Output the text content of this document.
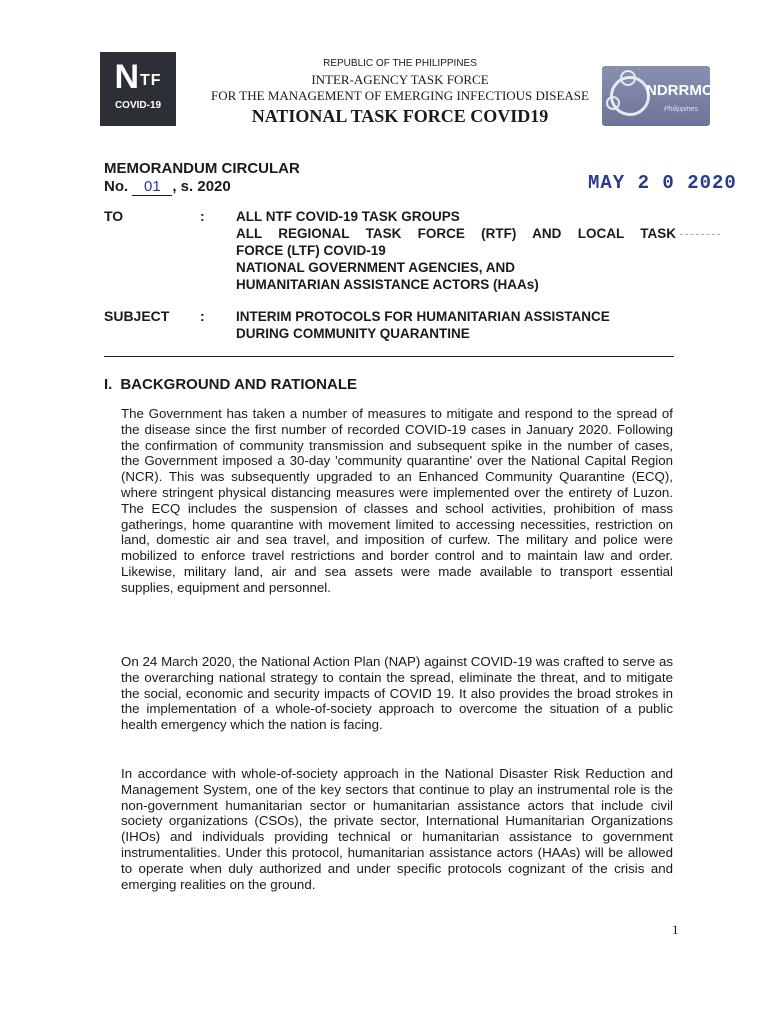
$N^{TF}$
COVID-19
REPUBLIC OF THE PHILIPPINES
INTER-AGENCY TASK FORCE
FOR THE MANAGEMENT OF EMERGING INFECTIOUS DISEASE
NATIONAL TASK FORCE COVID19
NDRRMC
Philippines
MEMORANDUM CIRCULAR
No. 01 , s. 2020	MAY 2 0 2020
TO	: ALL NTF COVID-19 TASK GROUPS
ALL REGIONAL TASK FORCE (RTF) AND LOCAL TASK
FORCE (LTF) COVID-19
NATIONAL GOVERNMENT AGENCIES, AND
HUMANITARIAN ASSISTANCE ACTORS (HAAs)
SUBJECT : INTERIM PROTOCOLS FOR HUMANITARIAN ASSISTANCE
DURING COMMUNITY QUARANTINE
I. BACKGROUND AND RATIONALE
The Government has taken a number of measures to mitigate and respond to the spread of the disease since the first number of recorded COVID-19 cases in January 2020. Following the confirmation of community transmission and subsequent spike in the number of cases, the Government imposed a 30-day 'community quarantine' over the National Capital Region (NCR). This was subsequently upgraded to an Enhanced Community Quarantine (ECQ), where stringent physical distancing measures were implemented over the entirety of Luzon. The ECQ includes the suspension of classes and school activities, prohibition of mass gatherings, home quarantine with movement limited to accessing necessities, restriction on land, domestic air and sea travel, and imposition of curfew. The military and police were mobilized to enforce travel restrictions and border control and to maintain law and order. Likewise, military land, air and sea assets were made available to transport essential supplies, equipment and personnel.
On 24 March 2020, the National Action Plan (NAP) against COVID-19 was crafted to serve as the overarching national strategy to contain the spread, eliminate the threat, and to mitigate the social, economic and security impacts of COVID 19. It also provides the broad strokes in the implementation of a whole-of-society approach to overcome the situation of a public health emergency which the nation is facing.
In accordance with whole-of-society approach in the National Disaster Risk Reduction and Management System, one of the key sectors that continue to play an instrumental role is the non-government humanitarian sector or humanitarian assistance actors that include civil society organizations (CSOs), the private sector, International Humanitarian Organizations (IHOs) and individuals providing technical or humanitarian assistance to government instrumentalities. Under this protocol, humanitarian assistance actors (HAAs) will be allowed to operate when duly authorized and under specific protocols cognizant of the crisis and emerging realities on the ground.
1
